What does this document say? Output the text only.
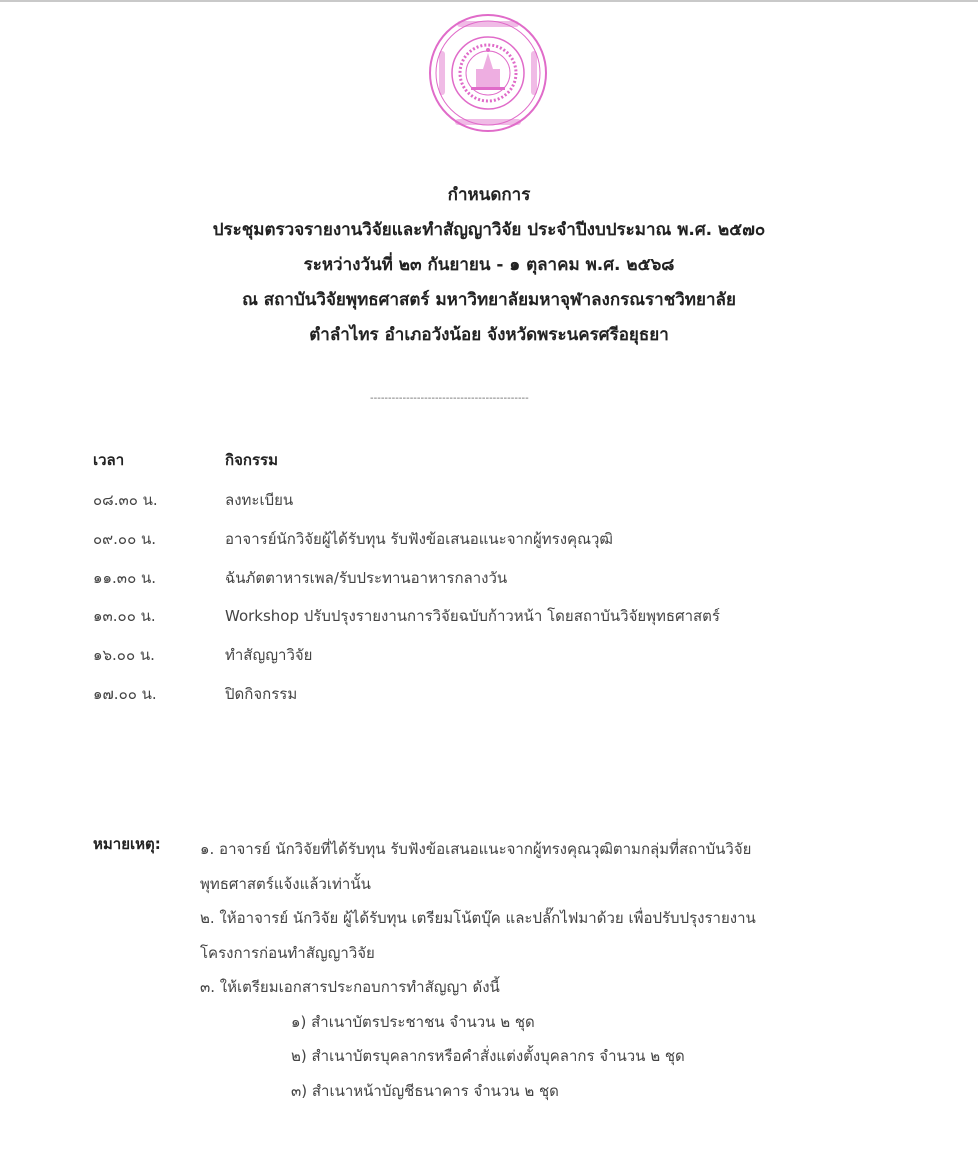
กำหนดการ
ประชุมตรวจรายงานวิจัยและทำสัญญาวิจัย ประจำปีงบประมาณ พ.ศ. ๒๕๗๐
ระหว่างวันที่ ๒๓ กันยายน - ๑ ตุลาคม พ.ศ. ๒๕๖๘
ณ สถาบันวิจัยพุทธศาสตร์ มหาวิทยาลัยมหาจุฬาลงกรณราชวิทยาลัย
ตำลำไทร อำเภอวังน้อย จังหวัดพระนครศรีอยุธยา
--------------------------------------------
เวลา	กิจกรรม
๐๘.๓๐ น.	ลงทะเบียน
๐๙.๐๐ น.	อาจารย์นักวิจัยผู้ได้รับทุน รับฟังข้อเสนอแนะจากผู้ทรงคุณวุฒิ
๑๑.๓๐ น.	ฉันภัตตาหารเพล/รับประทานอาหารกลางวัน
๑๓.๐๐ น.	Workshop ปรับปรุงรายงานการวิจัยฉบับก้าวหน้า โดยสถาบันวิจัยพุทธศาสตร์
๑๖.๐๐ น.	ทำสัญญาวิจัย
๑๗.๐๐ น.	ปิดกิจกรรม
หมายเหตุ:	๑. อาจารย์ นักวิจัยที่ได้รับทุน รับฟังข้อเสนอแนะจากผู้ทรงคุณวุฒิตามกลุ่มที่สถาบันวิจัย
พุทธศาสตร์แจ้งแล้วเท่านั้น
๒. ให้อาจารย์ นักวิจัย ผู้ได้รับทุน เตรียมโน้ตบุ๊ค และปลั๊กไฟมาด้วย เพื่อปรับปรุงรายงาน
โครงการก่อนทำสัญญาวิจัย
๓. ให้เตรียมเอกสารประกอบการทำสัญญา ดังนี้
๑) สำเนาบัตรประชาชน จำนวน ๒ ชุด
๒) สำเนาบัตรบุคลากรหรือคำสั่งแต่งตั้งบุคลากร จำนวน ๒ ชุด
๓) สำเนาหน้าบัญชีธนาคาร จำนวน ๒ ชุด
